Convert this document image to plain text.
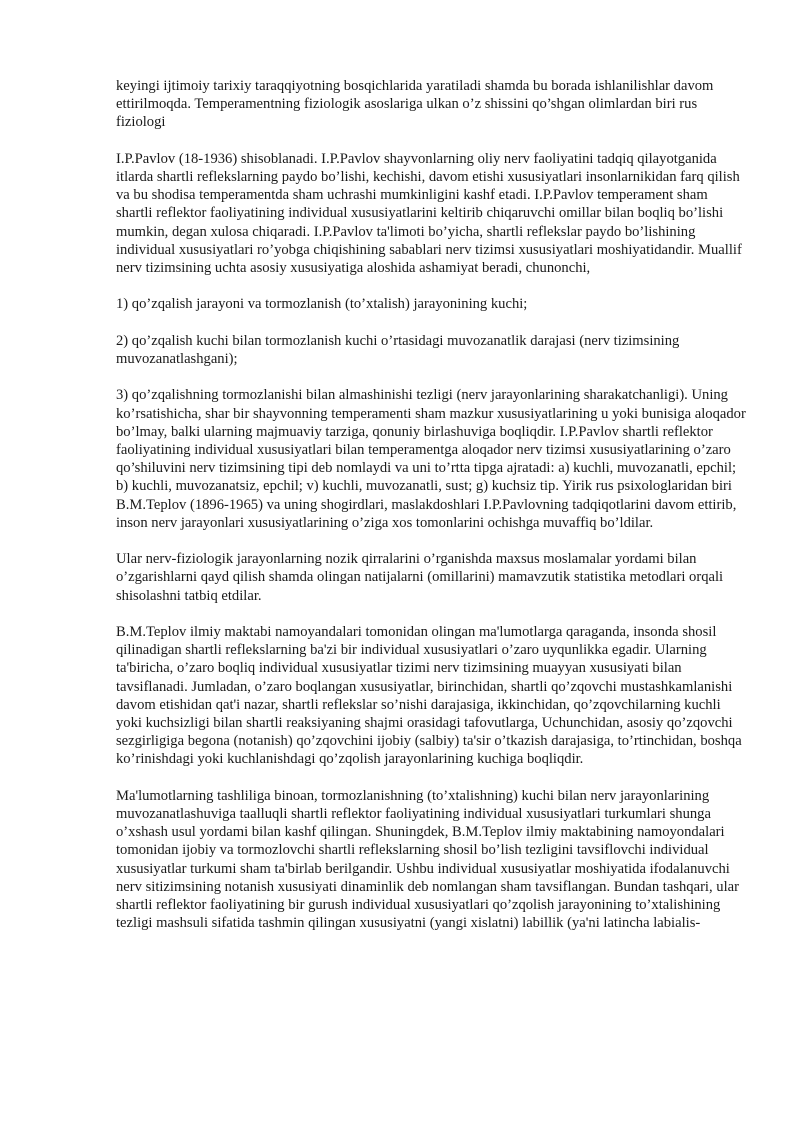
keyingi ijtimoiy tarixiy taraqqiyotning bosqichlarida yaratiladi shamda bu borada ishlanilishlar davom ettirilmoqda. Temperamentning fiziologik asoslariga ulkan o’z shissini qo’shgan olimlardan biri rus fiziologi

I.P.Pavlov (18-1936) shisoblanadi. I.P.Pavlov shayvonlarning oliy nerv faoliyatini tadqiq qilayotganida itlarda shartli reflekslarning paydo bo’lishi, kechishi, davom etishi xususiyatlari insonlarnikidan farq qilish va bu shodisa temperamentda sham uchrashi mumkinligini kashf etadi. I.P.Pavlov temperament sham shartli reflektor faoliyatining individual xususiyatlarini keltirib chiqaruvchi omillar bilan boqliq bo’lishi mumkin, degan xulosa chiqaradi. I.P.Pavlov ta'limoti bo’yicha, shartli reflekslar paydo bo’lishining individual xususiyatlari ro’yobga chiqishining sabablari nerv tizimsi xususiyatlari moshiyatidandir. Muallif nerv tizimsining uchta asosiy xususiyatiga aloshida ashamiyat beradi, chunonchi,

1) qo’zqalish jarayoni va tormozlanish (to’xtalish) jarayonining kuchi;

2) qo’zqalish kuchi bilan tormozlanish kuchi o’rtasidagi muvozanatlik darajasi (nerv tizimsining muvozanatlashgani);

3) qo’zqalishning tormozlanishi bilan almashinishi tezligi (nerv jarayonlarining sharakatchanligi). Uning ko’rsatishicha, shar bir shayvonning temperamenti sham mazkur xususiyatlarining u yoki bunisiga aloqador bo’lmay, balki ularning majmuaviy tarziga, qonuniy birlashuviga boqliqdir. I.P.Pavlov shartli reflektor faoliyatining individual xususiyatlari bilan temperamentga aloqador nerv tizimsi xususiyatlarining o’zaro qo’shiluvini nerv tizimsining tipi deb nomlaydi va uni to’rtta tipga ajratadi: a) kuchli, muvozanatli, epchil; b) kuchli, muvozanatsiz, epchil; v) kuchli, muvozanatli, sust; g) kuchsiz tip. Yirik rus psixologlaridan biri B.M.Teplov (1896-1965) va uning shogirdlari, maslakdoshlari I.P.Pavlovning tadqiqotlarini davom ettirib, inson nerv jarayonlari xususiyatlarining o’ziga xos tomonlarini ochishga muvaffiq bo’ldilar.

Ular nerv-fiziologik jarayonlarning nozik qirralarini o’rganishda maxsus moslamalar yordami bilan o’zgarishlarni qayd qilish shamda olingan natijalarni (omillarini) mamavzutik statistika metodlari orqali shisolashni tatbiq etdilar.

B.M.Teplov ilmiy maktabi namoyandalari tomonidan olingan ma'lumotlarga qaraganda, insonda shosil qilinadigan shartli reflekslarning ba'zi bir individual xususiyatlari o’zaro uyqunlikka egadir. Ularning ta'biricha, o’zaro boqliq individual xususiyatlar tizimi nerv tizimsining muayyan xususiyati bilan tavsiflanadi. Jumladan, o’zaro boqlangan xususiyatlar, birinchidan, shartli qo’zqovchi mustashkamlanishi davom etishidan qat'i nazar, shartli reflekslar so’nishi darajasiga, ikkinchidan, qo’zqovchilarning kuchli yoki kuchsizligi bilan shartli reaksiyaning shajmi orasidagi tafovutlarga, Uchunchidan, asosiy qo’zqovchi sezgirligiga begona (notanish) qo’zqovchini ijobiy (salbiy) ta'sir o’tkazish darajasiga, to’rtinchidan, boshqa ko’rinishdagi yoki kuchlanishdagi qo’zqolish jarayonlarining kuchiga boqliqdir.

Ma'lumotlarning tashliliga binoan, tormozlanishning (to’xtalishning) kuchi bilan nerv jarayonlarining muvozanatlashuviga taalluqli shartli reflektor faoliyatining individual xususiyatlari turkumlari shunga o’xshash usul yordami bilan kashf qilingan. Shuningdek, B.M.Teplov ilmiy maktabining namoyondalari tomonidan ijobiy va tormozlovchi shartli reflekslarning shosil bo’lish tezligini tavsiflovchi individual xususiyatlar turkumi sham ta'birlab berilgandir. Ushbu individual xususiyatlar moshiyatida ifodalanuvchi nerv sitizimsining notanish xususiyati dinaminlik deb nomlangan sham tavsiflangan. Bundan tashqari, ular shartli reflektor faoliyatining bir gurush individual xususiyatlari qo’zqolish jarayonining to’xtalishining tezligi mashsuli sifatida tashmin qilingan xususiyatni (yangi xislatni) labillik (ya'ni latincha labialis-
